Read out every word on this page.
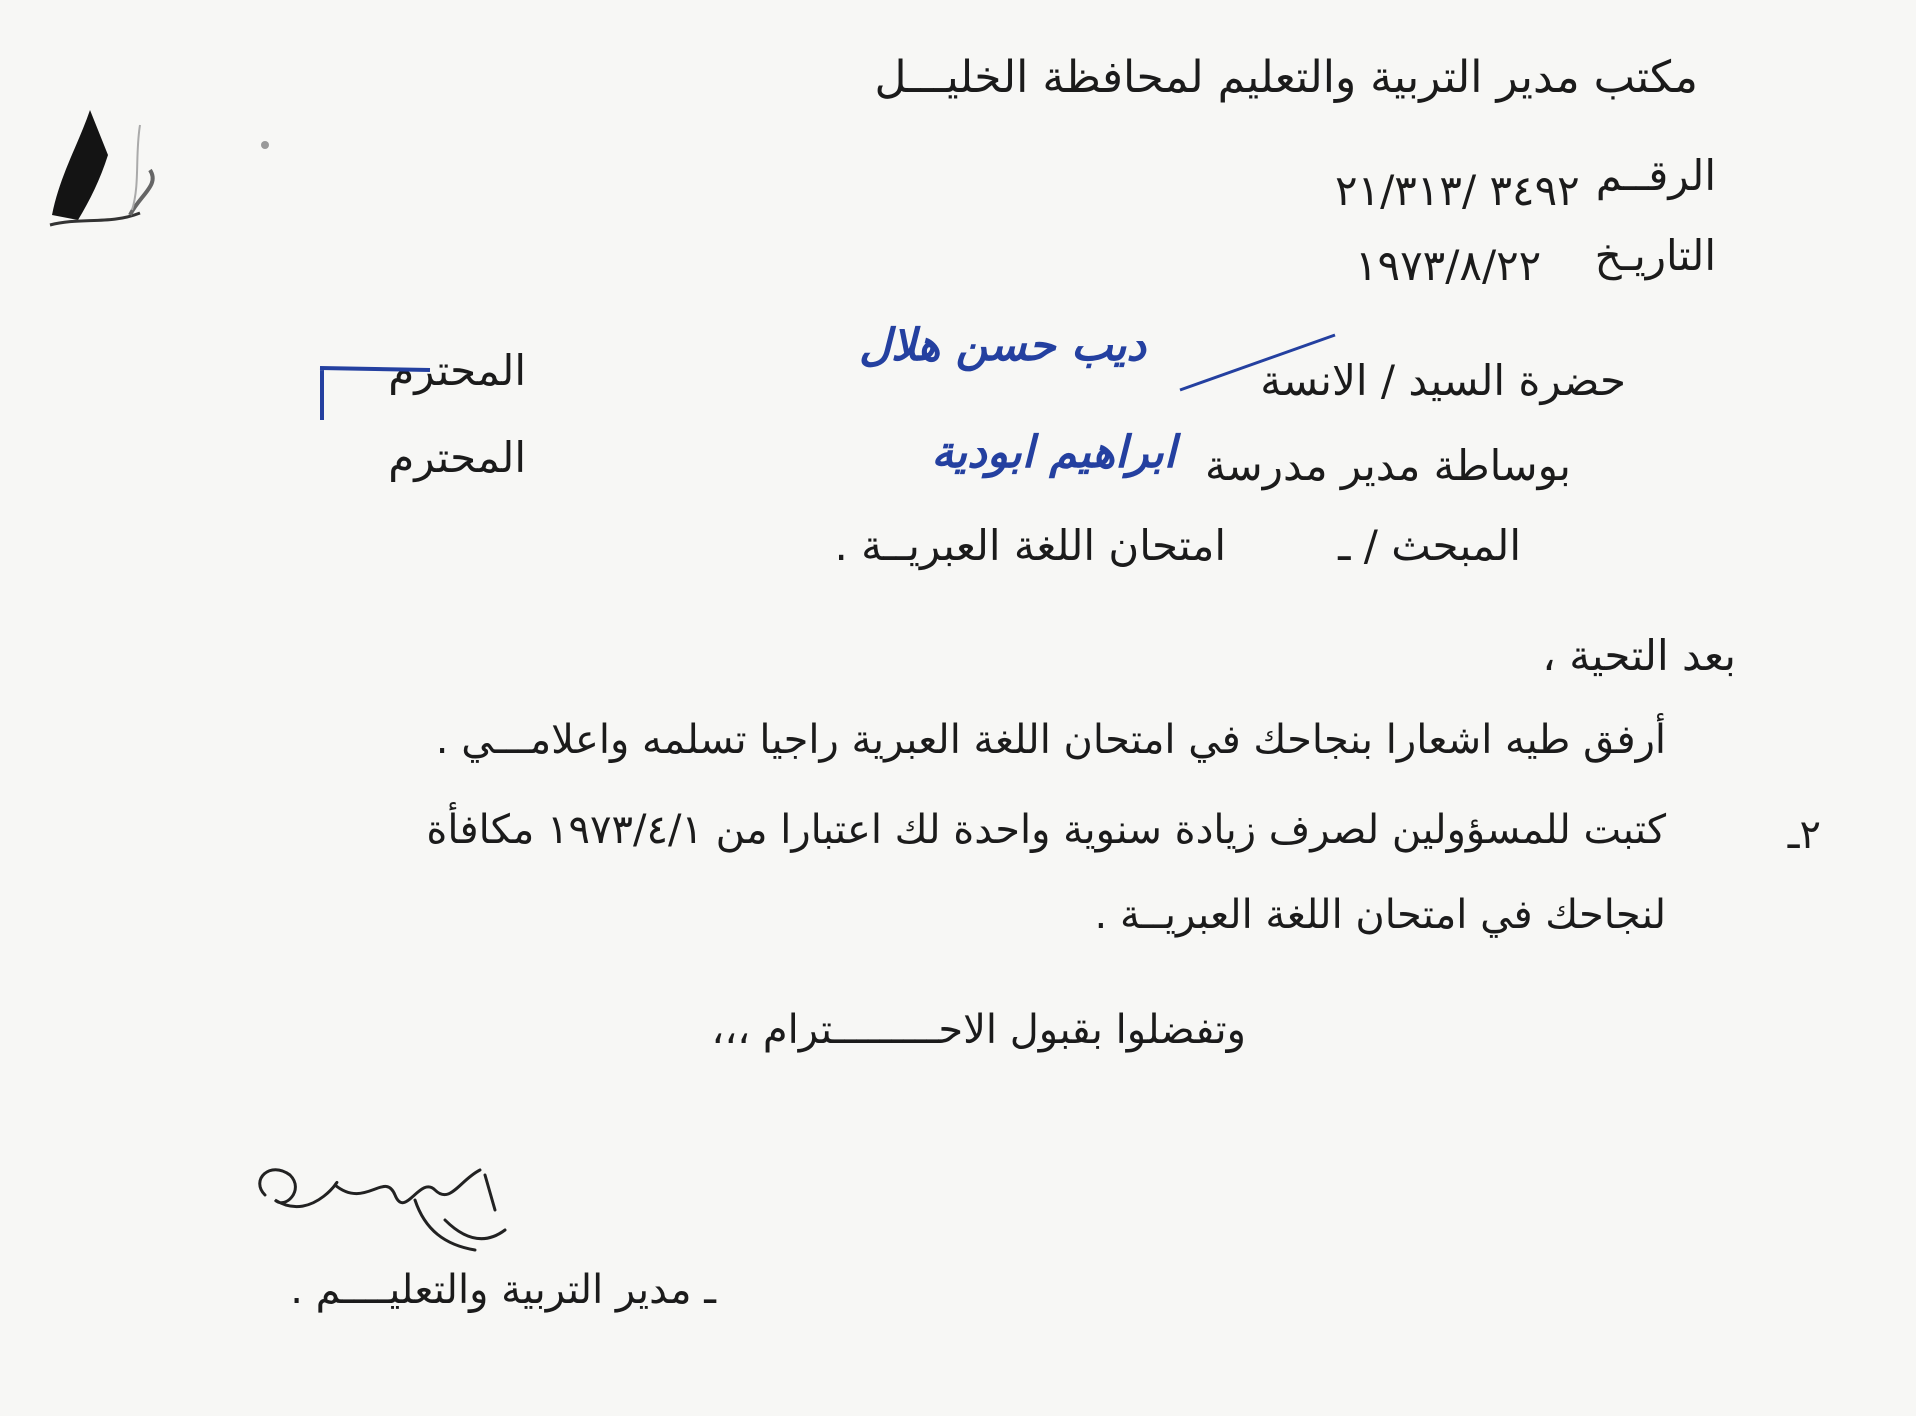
مكتب مدير التربية والتعليم لمحافظة الخليـــل
الرقــم
٣٤٩٢ /٢١/٣١٣
التاريـخ
١٩٧٣/٨/٢٢
حضرة السيد / الانسة
ديب حسن هلال
المحترم
بوساطة مدير مدرسة
ابراهيم ابودية
المحترم
المبحث / ـ
امتحان اللغة العبريــة .
بعد التحية ،
أرفق طيه اشعارا بنجاحك في امتحان اللغة العبرية راجيا تسلمه واعلامـــي .
٢ـ
كتبت للمسؤولين لصرف زيادة سنوية واحدة لك اعتبارا من ١٩٧٣/٤/١ مكافأة
لنجاحك في امتحان اللغة العبريــة .
وتفضلوا بقبول الاحـــــــــترام ،،،
ـ مدير التربية والتعليــــم .
